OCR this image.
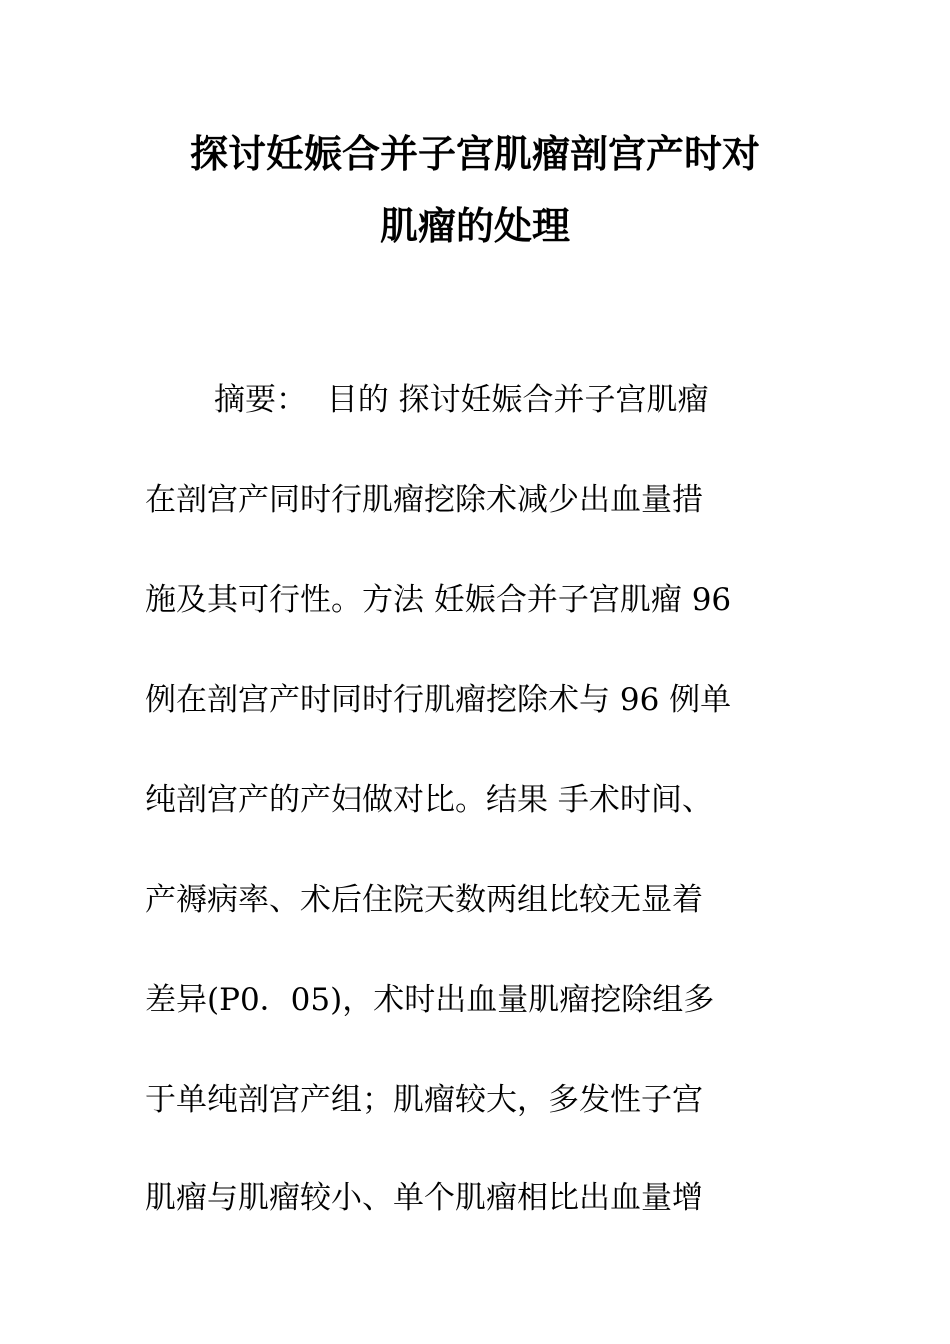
探讨妊娠合并子宫肌瘤剖宫产时对
肌瘤的处理
摘要：  目的 探讨妊娠合并子宫肌瘤
在剖宫产同时行肌瘤挖除术减少出血量措
施及其可行性。方法 妊娠合并子宫肌瘤 96
例在剖宫产时同时行肌瘤挖除术与 96 例单
纯剖宫产的产妇做对比。结果 手术时间、
产褥病率、术后住院天数两组比较无显着
差异(P0．05)，术时出血量肌瘤挖除组多
于单纯剖宫产组；肌瘤较大，多发性子宫
肌瘤与肌瘤较小、单个肌瘤相比出血量增
